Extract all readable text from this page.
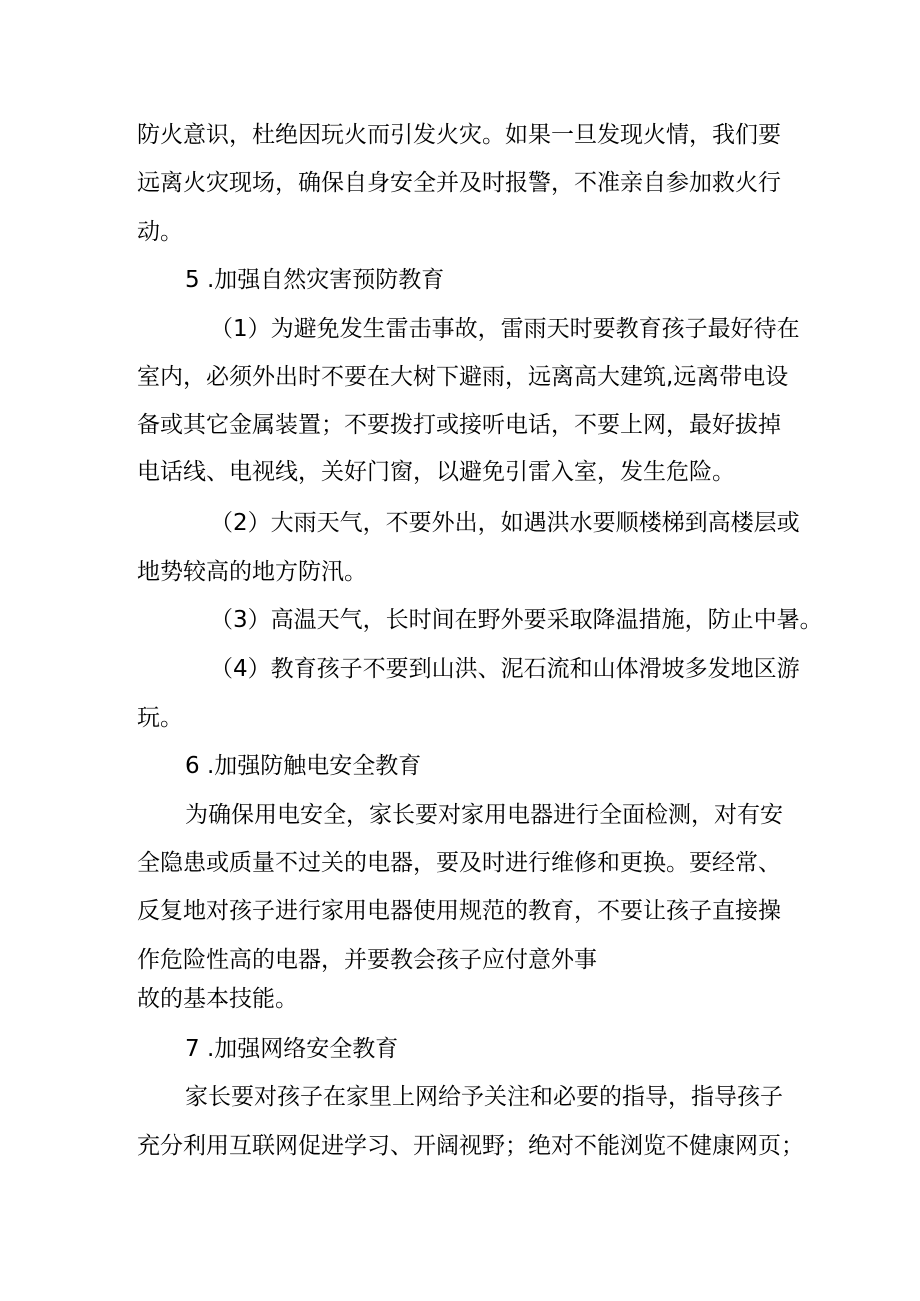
防火意识，杜绝因玩火而引发火灾。如果一旦发现火情，我们要

远离火灾现场，确保自身安全并及时报警，不准亲自参加救火行

动。

5 .加强自然灾害预防教育

（1）为避免发生雷击事故，雷雨天时要教育孩子最好待在

室内，必须外出时不要在大树下避雨，远离高大建筑,远离带电设

备或其它金属装置；不要拨打或接听电话，不要上网，最好拔掉

电话线、电视线，关好门窗，以避免引雷入室，发生危险。

（2）大雨天气，不要外出，如遇洪水要顺楼梯到高楼层或

地势较高的地方防汛。

（3）高温天气，长时间在野外要采取降温措施，防止中暑。

（4）教育孩子不要到山洪、泥石流和山体滑坡多发地区游

玩。

6 .加强防触电安全教育

为确保用电安全，家长要对家用电器进行全面检测，对有安

全隐患或质量不过关的电器，要及时进行维修和更换。要经常、

反复地对孩子进行家用电器使用规范的教育，不要让孩子直接操

作危险性高的电器，并要教会孩子应付意外事

故的基本技能。

7 .加强网络安全教育

家长要对孩子在家里上网给予关注和必要的指导，指导孩子

充分利用互联网促进学习、开阔视野；绝对不能浏览不健康网页；
